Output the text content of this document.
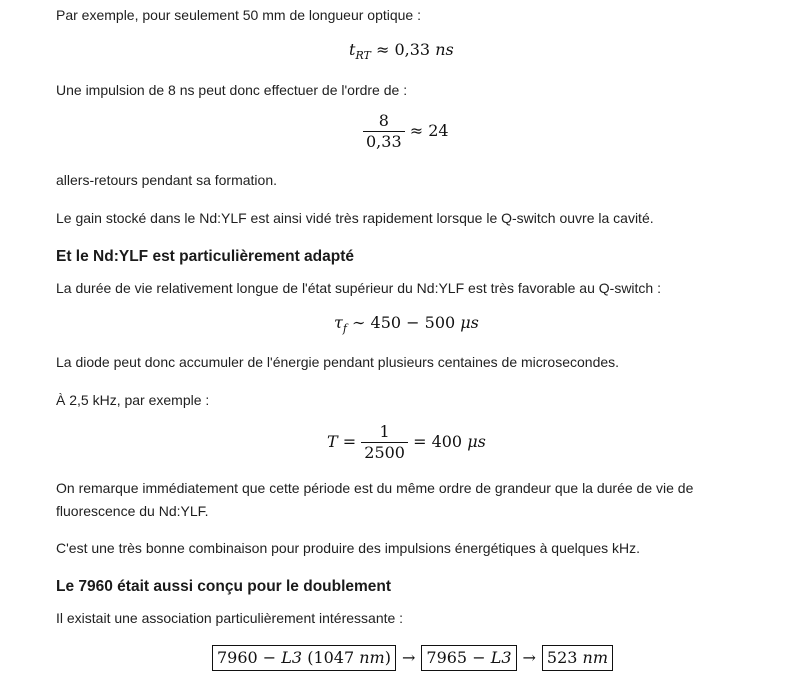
Par exemple, pour seulement 50 mm de longueur optique :

$t_{RT} \approx 0,33$ ns

Une impulsion de 8 ns peut donc effectuer de l'ordre de :

$\frac{8}{0,33} \approx 24$

allers-retours pendant sa formation.

Le gain stocké dans le Nd:YLF est ainsi vidé très rapidement lorsque le Q-switch ouvre la cavité.

Et le Nd:YLF est particulièrement adapté

La durée de vie relativement longue de l'état supérieur du Nd:YLF est très favorable au Q-switch :

$\tau_f$ ∼ 450 − 500 μs

La diode peut donc accumuler de l'énergie pendant plusieurs centaines de microsecondes.

À 2,5 kHz, par exemple :

$T = \frac{1}{2500} = 400$ μs

On remarque immédiatement que cette période est du même ordre de grandeur que la durée de vie de fluorescence du Nd:YLF.

C'est une très bonne combinaison pour produire des impulsions énergétiques à quelques kHz.

Le 7960 était aussi conçu pour le doublement

Il existait une association particulièrement intéressante :

7960 − L3 (1047 nm) → 7965 − L3 → 523 nm
